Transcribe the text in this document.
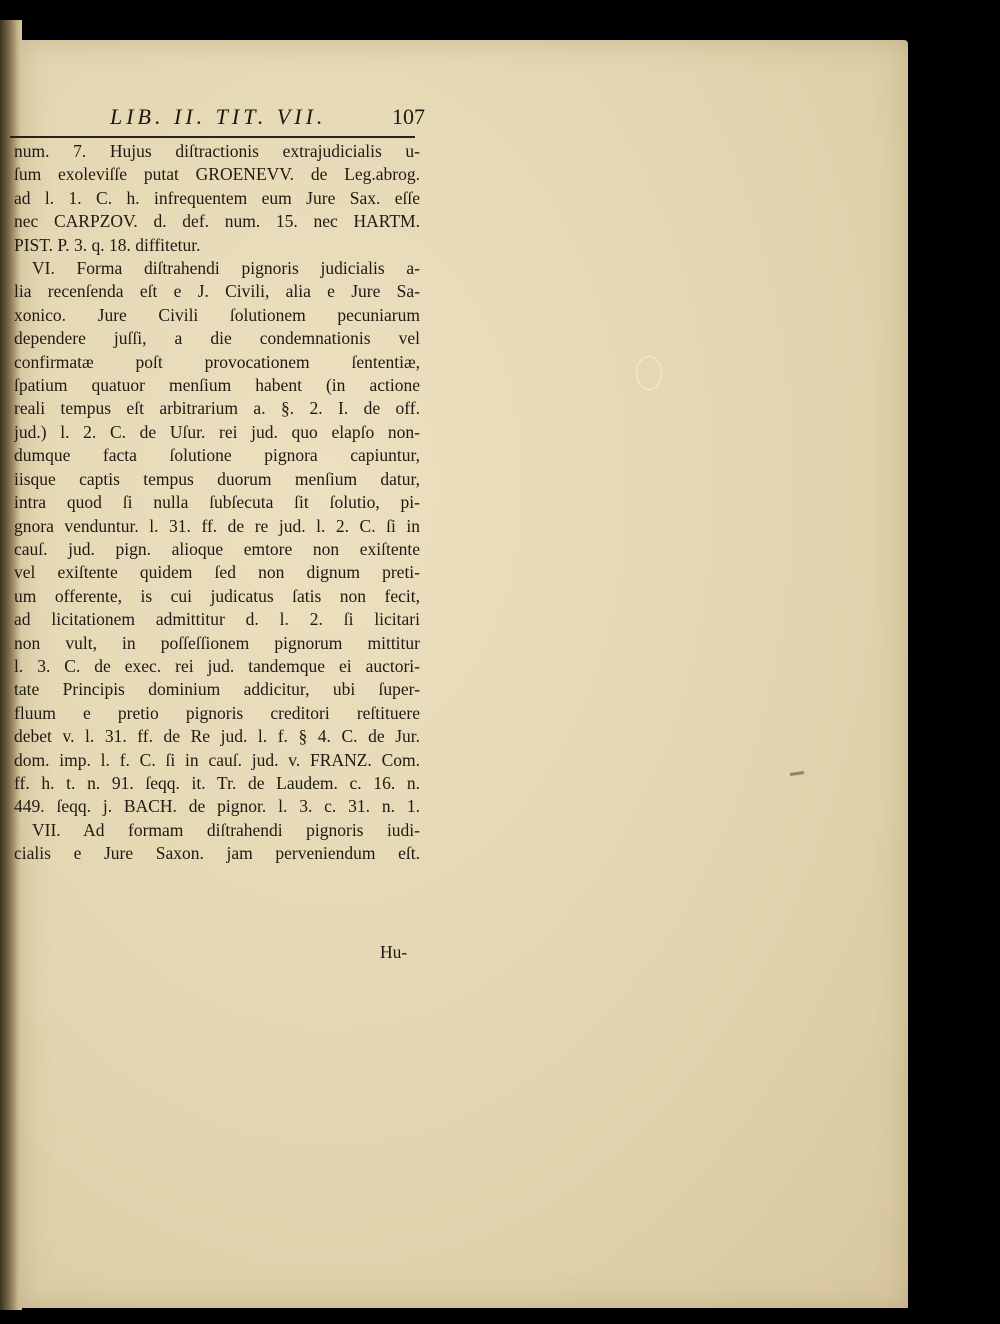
LIB. II. TIT. VII.	107
num. 7. Hujus diſtractionis extrajudicialis u-
ſum exoleviſſe putat GROENEVV. de Leg.abrog.
ad l. 1. C. h. infrequentem eum Jure Sax. eſſe
nec CARPZOV. d. def. num. 15. nec HARTM.
PIST. P. 3. q. 18. diffitetur.
VI. Forma diſtrahendi pignoris judicialis a-
lia recenſenda eſt e J. Civili, alia e Jure Sa-
xonico. Jure Civili ſolutionem pecuniarum
dependere juſſi, a die condemnationis vel
confirmatæ poſt provocationem ſententiæ,
ſpatium quatuor menſium habent (in actione
reali tempus eſt arbitrarium a. §. 2. I. de off.
jud.) l. 2. C. de Uſur. rei jud. quo elapſo non-
dumque facta ſolutione pignora capiuntur,
iisque captis tempus duorum menſium datur,
intra quod ſi nulla ſubſecuta ſit ſolutio, pi-
gnora venduntur. l. 31. ff. de re jud. l. 2. C. ſi in
cauſ. jud. pign. alioque emtore non exiſtente
vel exiſtente quidem ſed non dignum preti-
um offerente, is cui judicatus ſatis non fecit,
ad licitationem admittitur d. l. 2. ſi licitari
non vult, in poſſeſſionem pignorum mittitur
l. 3. C. de exec. rei jud. tandemque ei auctori-
tate Principis dominium addicitur, ubi ſuper-
fluum e pretio pignoris creditori reſtituere
debet v. l. 31. ff. de Re jud. l. f. § 4. C. de Jur.
dom. imp. l. f. C. ſi in cauſ. jud. v. FRANZ. Com.
ff. h. t. n. 91. ſeqq. it. Tr. de Laudem. c. 16. n.
449. ſeqq. j. BACH. de pignor. l. 3. c. 31. n. 1.
VII. Ad formam diſtrahendi pignoris iudi-
cialis e Jure Saxon. jam perveniendum eſt.
Hu-
